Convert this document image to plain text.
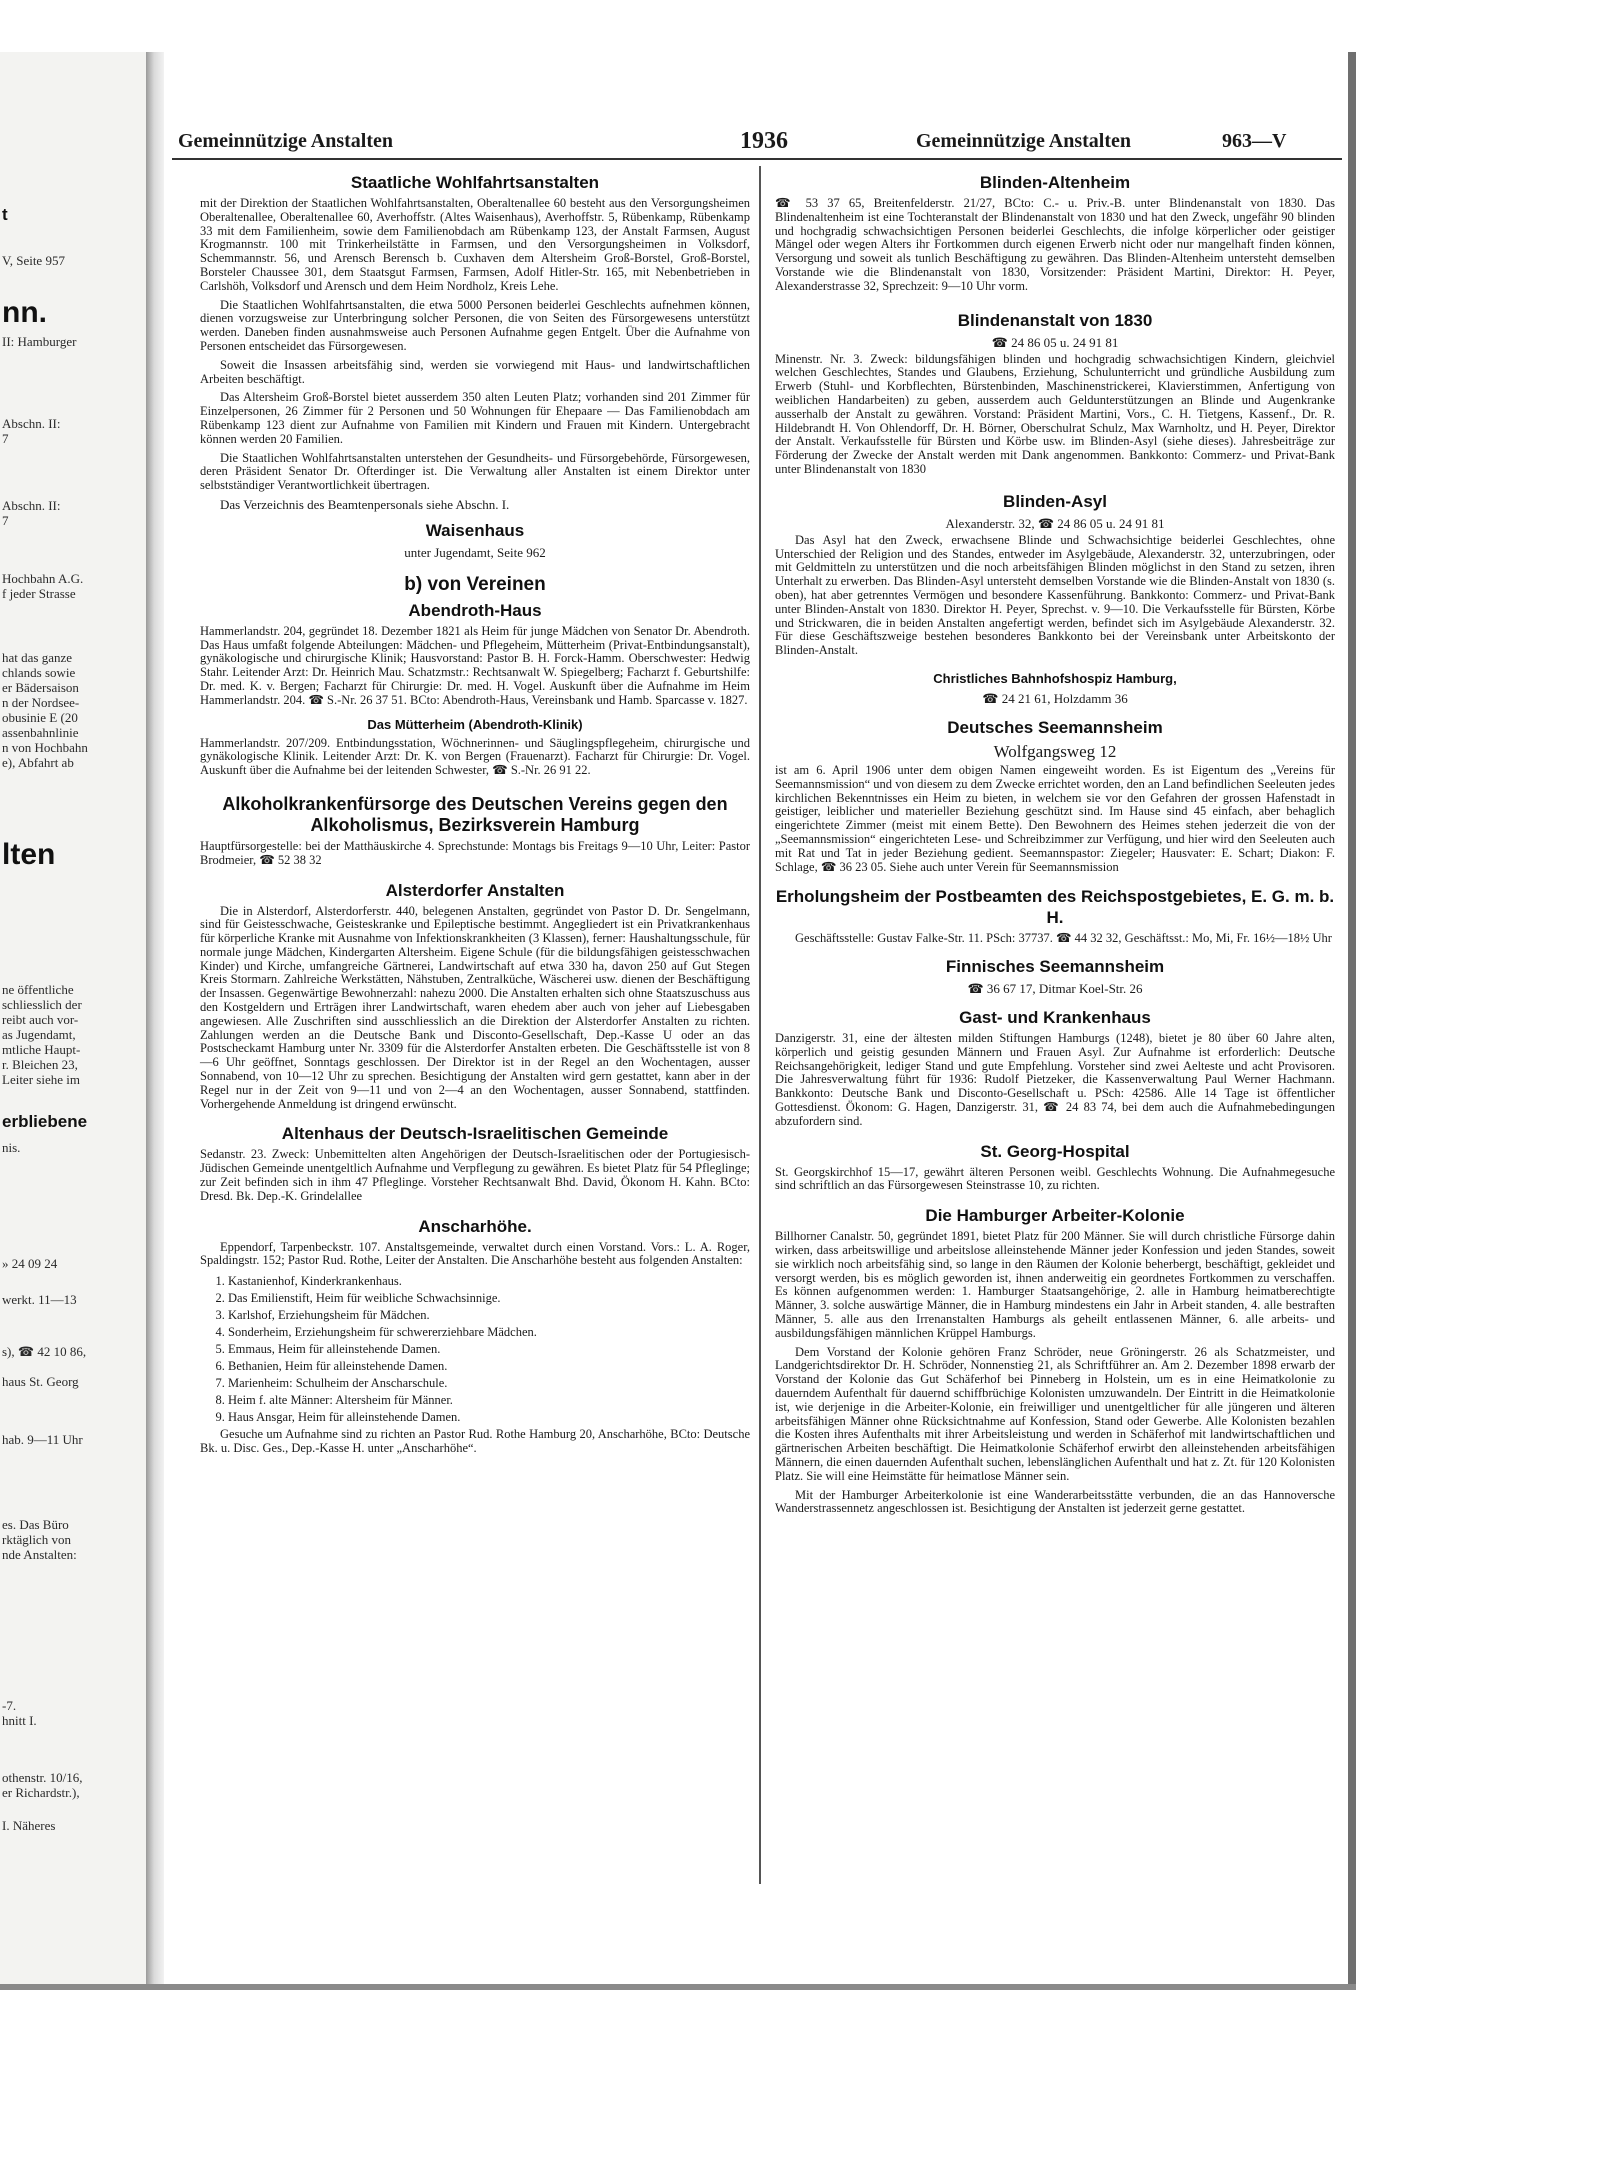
t
V, Seite 957
nn.
II: Hamburger
Abschn. II:
7
Abschn. II:
7
Hochbahn A.G.
f jeder Strasse
hat das ganze
chlands sowie
er Bädersaison
n der Nordsee-
obusinie E (20
assenbahnlinie
n von Hochbahn
e), Abfahrt ab
lten
ne öffentliche
schliesslich der
reibt auch vor-
as Jugendamt,
mtliche Haupt-
r. Bleichen 23,
Leiter siehe im
erbliebene
nis.
» 24 09 24
werkt. 11—13
s), ☎ 42 10 86,
haus St. Georg
hab. 9—11 Uhr
es. Das Büro
rktäglich von
nde Anstalten:
-7.
hnitt I.
othenstr. 10/16,
er Richardstr.),
I. Näheres
Gemeinnützige Anstalten	1936	Gemeinnützige Anstalten	963—V
Staatliche Wohlfahrtsanstalten

mit der Direktion der Staatlichen Wohlfahrtsanstalten, Oberaltenallee 60 besteht aus den Versorgungsheimen Oberaltenallee, Oberaltenallee 60, Averhoffstr. (Altes Waisenhaus), Averhoffstr. 5, Rübenkamp, Rübenkamp 33 mit dem Familienheim, sowie dem Familienobdach am Rübenkamp 123, der Anstalt Farmsen, August Krogmannstr. 100 mit Trinkerheilstätte in Farmsen, und den Versorgungsheimen in Volksdorf, Schemmannstr. 56, und Arensch Berensch b. Cuxhaven dem Altersheim Groß-Borstel, Groß-Borstel, Borsteler Chaussee 301, dem Staatsgut Farmsen, Farmsen, Adolf Hitler-Str. 165, mit Nebenbetrieben in Carlshöh, Volksdorf und Arensch und dem Heim Nordholz, Kreis Lehe.

Die Staatlichen Wohlfahrtsanstalten, die etwa 5000 Personen beiderlei Geschlechts aufnehmen können, dienen vorzugsweise zur Unterbringung solcher Personen, die von Seiten des Fürsorgewesens unterstützt werden. Daneben finden ausnahmsweise auch Personen Aufnahme gegen Entgelt. Über die Aufnahme von Personen entscheidet das Fürsorgewesen.

Soweit die Insassen arbeitsfähig sind, werden sie vorwiegend mit Haus- und landwirtschaftlichen Arbeiten beschäftigt.

Das Altersheim Groß-Borstel bietet ausserdem 350 alten Leuten Platz; vorhanden sind 201 Zimmer für Einzelpersonen, 26 Zimmer für 2 Personen und 50 Wohnungen für Ehepaare — Das Familienobdach am Rübenkamp 123 dient zur Aufnahme von Familien mit Kindern und Frauen mit Kindern. Untergebracht können werden 20 Familien.

Die Staatlichen Wohlfahrtsanstalten unterstehen der Gesundheits- und Fürsorgebehörde, Fürsorgewesen, deren Präsident Senator Dr. Ofterdinger ist. Die Verwaltung aller Anstalten ist einem Direktor unter selbstständiger Verantwortlichkeit übertragen.

Das Verzeichnis des Beamtenpersonals siehe Abschn. I.

Waisenhaus
unter Jugendamt, Seite 962
b) von Vereinen
Abendroth-Haus

Hammerlandstr. 204, gegründet 18. Dezember 1821 als Heim für junge Mädchen von Senator Dr. Abendroth. Das Haus umfaßt folgende Abteilungen: Mädchen- und Pflegeheim, Mütterheim (Privat-Entbindungsanstalt), gynäkologische und chirurgische Klinik; Hausvorstand: Pastor B. H. Forck-Hamm. Oberschwester: Hedwig Stahr. Leitender Arzt: Dr. Heinrich Mau. Schatzmstr.: Rechtsanwalt W. Spiegelberg; Facharzt f. Geburtshilfe: Dr. med. K. v. Bergen; Facharzt für Chirurgie: Dr. med. H. Vogel. Auskunft über die Aufnahme im Heim Hammerlandstr. 204. ☎ S.-Nr. 26 37 51. BCto: Abendroth-Haus, Vereinsbank und Hamb. Sparcasse v. 1827.

Das Mütterheim (Abendroth-Klinik)

Hammerlandstr. 207/209. Entbindungsstation, Wöchnerinnen- und Säuglingspflegeheim, chirurgische und gynäkologische Klinik. Leitender Arzt: Dr. K. von Bergen (Frauenarzt). Facharzt für Chirurgie: Dr. Vogel. Auskunft über die Aufnahme bei der leitenden Schwester, ☎ S.-Nr. 26 91 22.

Alkoholkrankenfürsorge des Deutschen Vereins gegen den Alkoholismus, Bezirksverein Hamburg

Hauptfürsorgestelle: bei der Matthäuskirche 4. Sprechstunde: Montags bis Freitags 9—10 Uhr, Leiter: Pastor Brodmeier, ☎ 52 38 32

Alsterdorfer Anstalten

Die in Alsterdorf, Alsterdorferstr. 440, belegenen Anstalten, gegründet von Pastor D. Dr. Sengelmann, sind für Geistesschwache, Geisteskranke und Epileptische bestimmt. Angegliedert ist ein Privatkrankenhaus für körperliche Kranke mit Ausnahme von Infektionskrankheiten (3 Klassen), ferner: Haushaltungsschule, für normale junge Mädchen, Kindergarten Altersheim. Eigene Schule (für die bildungsfähigen geistesschwachen Kinder) und Kirche, umfangreiche Gärtnerei, Landwirtschaft auf etwa 330 ha, davon 250 auf Gut Stegen Kreis Stormarn. Zahlreiche Werkstätten, Nähstuben, Zentralküche, Wäscherei usw. dienen der Beschäftigung der Insassen. Gegenwärtige Bewohnerzahl: nahezu 2000. Die Anstalten erhalten sich ohne Staatszuschuss aus den Kostgeldern und Erträgen ihrer Landwirtschaft, waren ehedem aber auch von jeher auf Liebesgaben angewiesen. Alle Zuschriften sind ausschliesslich an die Direktion der Alsterdorfer Anstalten zu richten. Zahlungen werden an die Deutsche Bank und Disconto-Gesellschaft, Dep.-Kasse U oder an das Postscheckamt Hamburg unter Nr. 3309 für die Alsterdorfer Anstalten erbeten. Die Geschäftsstelle ist von 8—6 Uhr geöffnet, Sonntags geschlossen. Der Direktor ist in der Regel an den Wochentagen, ausser Sonnabend, von 10—12 Uhr zu sprechen. Besichtigung der Anstalten wird gern gestattet, kann aber in der Regel nur in der Zeit von 9—11 und von 2—4 an den Wochentagen, ausser Sonnabend, stattfinden. Vorhergehende Anmeldung ist dringend erwünscht.

Altenhaus der Deutsch-Israelitischen Gemeinde

Sedanstr. 23. Zweck: Unbemittelten alten Angehörigen der Deutsch-Israelitischen oder der Portugiesisch-Jüdischen Gemeinde unentgeltlich Aufnahme und Verpflegung zu gewähren. Es bietet Platz für 54 Pfleglinge; zur Zeit befinden sich in ihm 47 Pfleglinge. Vorsteher Rechtsanwalt Bhd. David, Ökonom H. Kahn. BCto: Dresd. Bk. Dep.-K. Grindelallee

Anscharhöhe.

Eppendorf, Tarpenbeckstr. 107. Anstaltsgemeinde, verwaltet durch einen Vorstand. Vors.: L. A. Roger, Spaldingstr. 152; Pastor Rud. Rothe, Leiter der Anstalten. Die Anscharhöhe besteht aus folgenden Anstalten:

1. Kastanienhof, Kinderkrankenhaus.
2. Das Emilienstift, Heim für weibliche Schwachsinnige.
3. Karlshof, Erziehungsheim für Mädchen.
4. Sonderheim, Erziehungsheim für schwererziehbare Mädchen.
5. Emmaus, Heim für alleinstehende Damen.
6. Bethanien, Heim für alleinstehende Damen.
7. Marienheim: Schulheim der Anscharschule.
8. Heim f. alte Männer: Altersheim für Männer.
9. Haus Ansgar, Heim für alleinstehende Damen.

Gesuche um Aufnahme sind zu richten an Pastor Rud. Rothe Hamburg 20, Anscharhöhe, BCto: Deutsche Bk. u. Disc. Ges., Dep.-Kasse H. unter „Anscharhöhe“.

Blinden-Altenheim

☎ 53 37 65, Breitenfelderstr. 21/27, BCto: C.- u. Priv.-B. unter Blindenanstalt von 1830. Das Blindenaltenheim ist eine Tochteranstalt der Blindenanstalt von 1830 und hat den Zweck, ungefähr 90 blinden und hochgradig schwachsichtigen Personen beiderlei Geschlechts, die infolge körperlicher oder geistiger Mängel oder wegen Alters ihr Fortkommen durch eigenen Erwerb nicht oder nur mangelhaft finden können, Versorgung und soweit als tunlich Beschäftigung zu gewähren. Das Blinden-Altenheim untersteht demselben Vorstande wie die Blindenanstalt von 1830, Vorsitzender: Präsident Martini, Direktor: H. Peyer, Alexanderstrasse 32, Sprechzeit: 9—10 Uhr vorm.

Blindenanstalt von 1830
☎ 24 86 05 u. 24 91 81

Minenstr. Nr. 3. Zweck: bildungsfähigen blinden und hochgradig schwachsichtigen Kindern, gleichviel welchen Geschlechtes, Standes und Glaubens, Erziehung, Schulunterricht und gründliche Ausbildung zum Erwerb (Stuhl- und Korbflechten, Bürstenbinden, Maschinenstrickerei, Klavierstimmen, Anfertigung von weiblichen Handarbeiten) zu geben, ausserdem auch Geldunterstützungen an Blinde und Augenkranke ausserhalb der Anstalt zu gewähren. Vorstand: Präsident Martini, Vors., C. H. Tietgens, Kassenf., Dr. R. Hildebrandt H. Von Ohlendorff, Dr. H. Börner, Oberschulrat Schulz, Max Warnholtz, und H. Peyer, Direktor der Anstalt. Verkaufsstelle für Bürsten und Körbe usw. im Blinden-Asyl (siehe dieses). Jahresbeiträge zur Förderung der Zwecke der Anstalt werden mit Dank angenommen. Bankkonto: Commerz- und Privat-Bank unter Blindenanstalt von 1830

Blinden-Asyl
Alexanderstr. 32, ☎ 24 86 05 u. 24 91 81

Das Asyl hat den Zweck, erwachsene Blinde und Schwachsichtige beiderlei Geschlechtes, ohne Unterschied der Religion und des Standes, entweder im Asylgebäude, Alexanderstr. 32, unterzubringen, oder mit Geldmitteln zu unterstützen und die noch arbeitsfähigen Blinden möglichst in den Stand zu setzen, ihren Unterhalt zu erwerben. Das Blinden-Asyl untersteht demselben Vorstande wie die Blinden-Anstalt von 1830 (s. oben), hat aber getrenntes Vermögen und besondere Kassenführung. Bankkonto: Commerz- und Privat-Bank unter Blinden-Anstalt von 1830. Direktor H. Peyer, Sprechst. v. 9—10. Die Verkaufsstelle für Bürsten, Körbe und Strickwaren, die in beiden Anstalten angefertigt werden, befindet sich im Asylgebäude Alexanderstr. 32. Für diese Geschäftszweige bestehen besonderes Bankkonto bei der Vereinsbank unter Arbeitskonto der Blinden-Anstalt.

Christliches Bahnhofshospiz Hamburg,
☎ 24 21 61, Holzdamm 36
Deutsches Seemannsheim
Wolfgangsweg 12

ist am 6. April 1906 unter dem obigen Namen eingeweiht worden. Es ist Eigentum des „Vereins für Seemannsmission“ und von diesem zu dem Zwecke errichtet worden, den an Land befindlichen Seeleuten jedes kirchlichen Bekenntnisses ein Heim zu bieten, in welchem sie vor den Gefahren der grossen Hafenstadt in geistiger, leiblicher und materieller Beziehung geschützt sind. Im Hause sind 45 einfach, aber behaglich eingerichtete Zimmer (meist mit einem Bette). Den Bewohnern des Heimes stehen jederzeit die von der „Seemannsmission“ eingerichteten Lese- und Schreibzimmer zur Verfügung, und hier wird den Seeleuten auch mit Rat und Tat in jeder Beziehung gedient. Seemannspastor: Ziegeler; Hausvater: E. Schart; Diakon: F. Schlage, ☎ 36 23 05. Siehe auch unter Verein für Seemannsmission

Erholungsheim der Postbeamten des Reichspostgebietes, E. G. m. b. H.

Geschäftsstelle: Gustav Falke-Str. 11. PSch: 37737. ☎ 44 32 32, Geschäftsst.: Mo, Mi, Fr. 16½—18½ Uhr

Finnisches Seemannsheim
☎ 36 67 17, Ditmar Koel-Str. 26
Gast- und Krankenhaus

Danzigerstr. 31, eine der ältesten milden Stiftungen Hamburgs (1248), bietet je 80 über 60 Jahre alten, körperlich und geistig gesunden Männern und Frauen Asyl. Zur Aufnahme ist erforderlich: Deutsche Reichsangehörigkeit, lediger Stand und gute Empfehlung. Vorsteher sind zwei Aelteste und acht Provisoren. Die Jahresverwaltung führt für 1936: Rudolf Pietzeker, die Kassenverwaltung Paul Werner Hachmann. Bankkonto: Deutsche Bank und Disconto-Gesellschaft u. PSch: 42586. Alle 14 Tage ist öffentlicher Gottesdienst. Ökonom: G. Hagen, Danzigerstr. 31, ☎ 24 83 74, bei dem auch die Aufnahmebedingungen abzufordern sind.

St. Georg-Hospital

St. Georgskirchhof 15—17, gewährt älteren Personen weibl. Geschlechts Wohnung. Die Aufnahmegesuche sind schriftlich an das Fürsorgewesen Steinstrasse 10, zu richten.

Die Hamburger Arbeiter-Kolonie

Billhorner Canalstr. 50, gegründet 1891, bietet Platz für 200 Männer. Sie will durch christliche Fürsorge dahin wirken, dass arbeitswillige und arbeitslose alleinstehende Männer jeder Konfession und jeden Standes, soweit sie wirklich noch arbeitsfähig sind, so lange in den Räumen der Kolonie beherbergt, beschäftigt, gekleidet und versorgt werden, bis es möglich geworden ist, ihnen anderweitig ein geordnetes Fortkommen zu verschaffen. Es können aufgenommen werden: 1. Hamburger Staatsangehörige, 2. alle in Hamburg heimatberechtigte Männer, 3. solche auswärtige Männer, die in Hamburg mindestens ein Jahr in Arbeit standen, 4. alle bestraften Männer, 5. alle aus den Irrenanstalten Hamburgs als geheilt entlassenen Männer, 6. alle arbeits- und ausbildungsfähigen männlichen Krüppel Hamburgs.

Dem Vorstand der Kolonie gehören Franz Schröder, neue Gröningerstr. 26 als Schatzmeister, und Landgerichtsdirektor Dr. H. Schröder, Nonnenstieg 21, als Schriftführer an. Am 2. Dezember 1898 erwarb der Vorstand der Kolonie das Gut Schäferhof bei Pinneberg in Holstein, um es in eine Heimatkolonie zu dauerndem Aufenthalt für dauernd schiffbrüchige Kolonisten umzuwandeln. Der Eintritt in die Heimatkolonie ist, wie derjenige in die Arbeiter-Kolonie, ein freiwilliger und unentgeltlicher für alle jüngeren und älteren arbeitsfähigen Männer ohne Rücksichtnahme auf Konfession, Stand oder Gewerbe. Alle Kolonisten bezahlen die Kosten ihres Aufenthalts mit ihrer Arbeitsleistung und werden in Schäferhof mit landwirtschaftlichen und gärtnerischen Arbeiten beschäftigt. Die Heimatkolonie Schäferhof erwirbt den alleinstehenden arbeitsfähigen Männern, die einen dauernden Aufenthalt suchen, lebenslänglichen Aufenthalt und hat z. Zt. für 120 Kolonisten Platz. Sie will eine Heimstätte für heimatlose Männer sein.

Mit der Hamburger Arbeiterkolonie ist eine Wanderarbeitsstätte verbunden, die an das Hannoversche Wanderstrassennetz angeschlossen ist. Besichtigung der Anstalten ist jederzeit gerne gestattet.
